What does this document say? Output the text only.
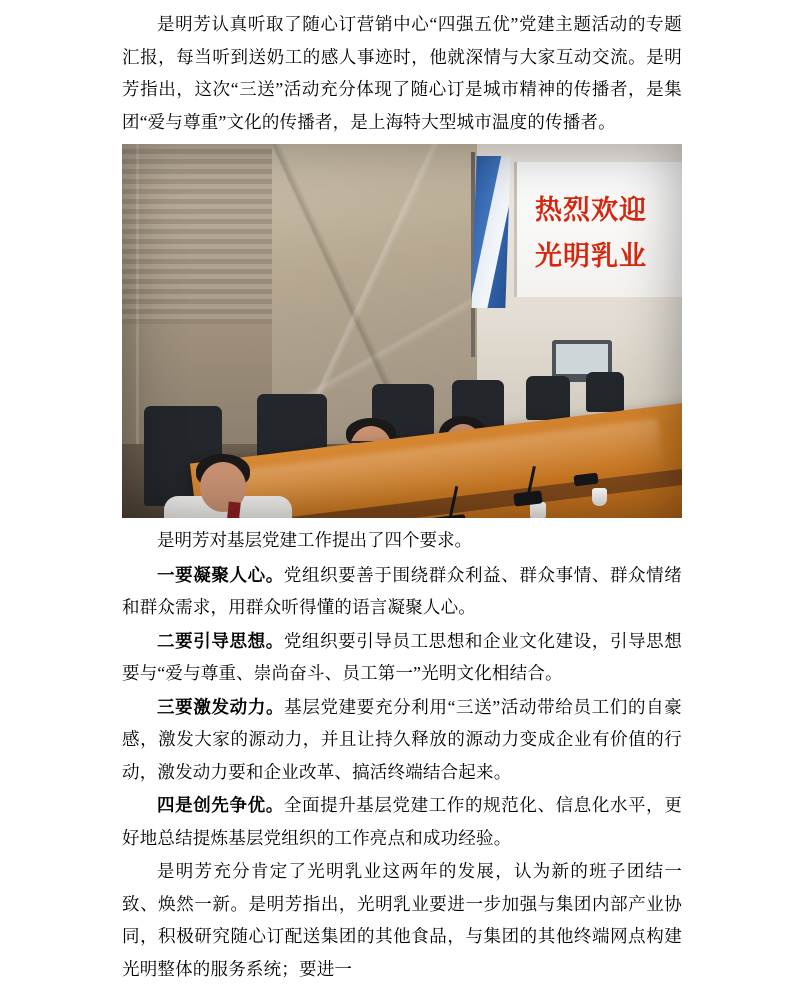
是明芳认真听取了随心订营销中心“四强五优”党建主题活动的专题汇报，每当听到送奶工的感人事迹时，他就深情与大家互动交流。是明芳指出，这次“三送”活动充分体现了随心订是城市精神的传播者，是集团“爱与尊重”文化的传播者，是上海特大型城市温度的传播者。

热烈欢迎
光明乳业

是明芳对基层党建工作提出了四个要求。

一要凝聚人心。党组织要善于围绕群众利益、群众事情、群众情绪和群众需求，用群众听得懂的语言凝聚人心。

二要引导思想。党组织要引导员工思想和企业文化建设，引导思想要与“爱与尊重、崇尚奋斗、员工第一”光明文化相结合。

三要激发动力。基层党建要充分利用“三送”活动带给员工们的自豪感，激发大家的源动力，并且让持久释放的源动力变成企业有价值的行动，激发动力要和企业改革、搞活终端结合起来。

四是创先争优。全面提升基层党建工作的规范化、信息化水平，更好地总结提炼基层党组织的工作亮点和成功经验。

是明芳充分肯定了光明乳业这两年的发展，认为新的班子团结一致、焕然一新。是明芳指出，光明乳业要进一步加强与集团内部产业协同，积极研究随心订配送集团的其他食品，与集团的其他终端网点构建光明整体的服务系统；要进一
